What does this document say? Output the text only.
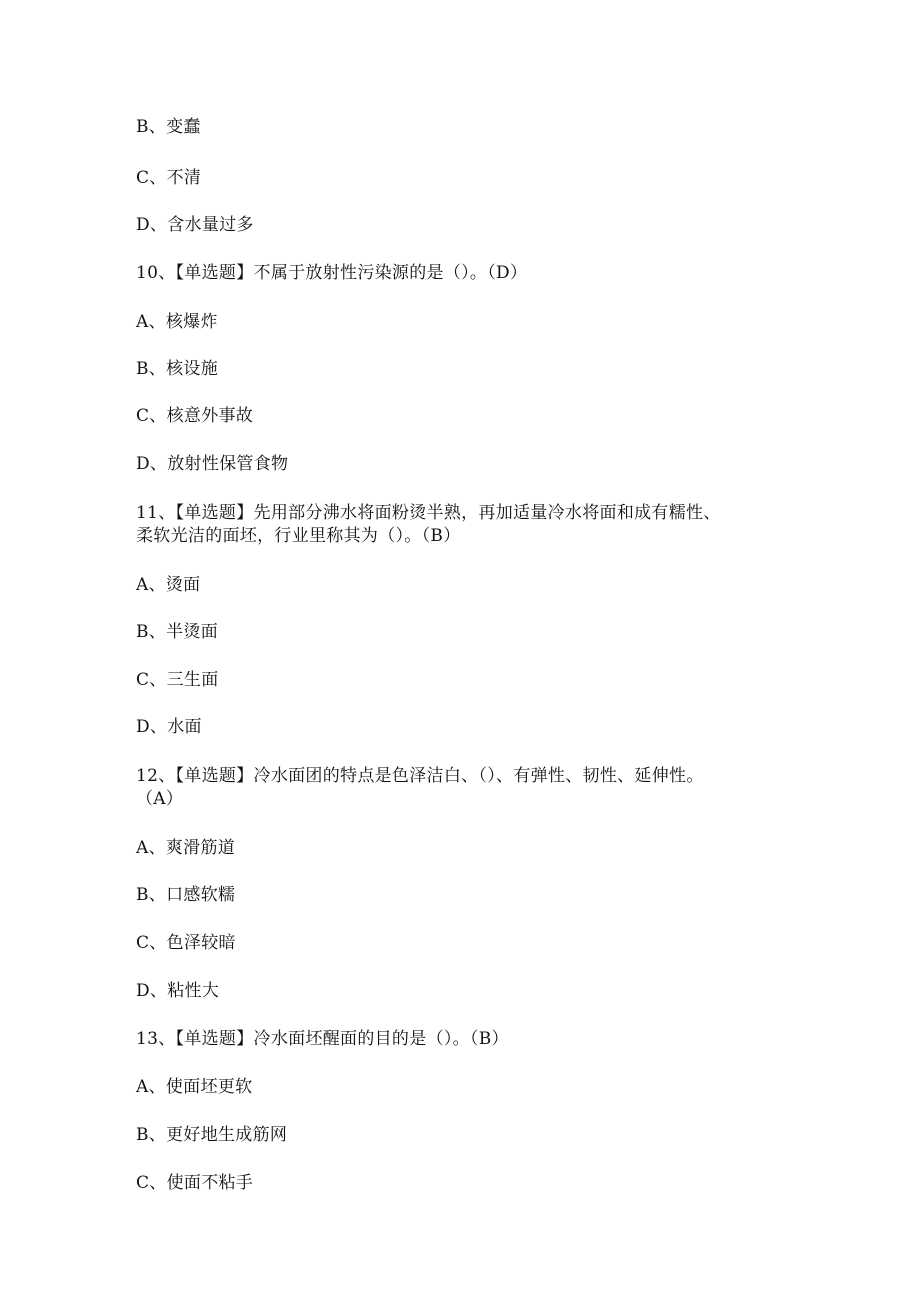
B、变蠢
C、不清
D、含水量过多
10、【单选题】不属于放射性污染源的是（）。（D）
A、核爆炸
B、核设施
C、核意外事故
D、放射性保管食物
11、【单选题】先用部分沸水将面粉烫半熟，再加适量冷水将面和成有糯性、
柔软光洁的面坯，行业里称其为（）。（B）
A、烫面
B、半烫面
C、三生面
D、水面
12、【单选题】冷水面团的特点是色泽洁白、（）、有弹性、韧性、延伸性。
（A）
A、爽滑筋道
B、口感软糯
C、色泽较暗
D、粘性大
13、【单选题】冷水面坯醒面的目的是（）。（B）
A、使面坯更软
B、更好地生成筋网
C、使面不粘手
